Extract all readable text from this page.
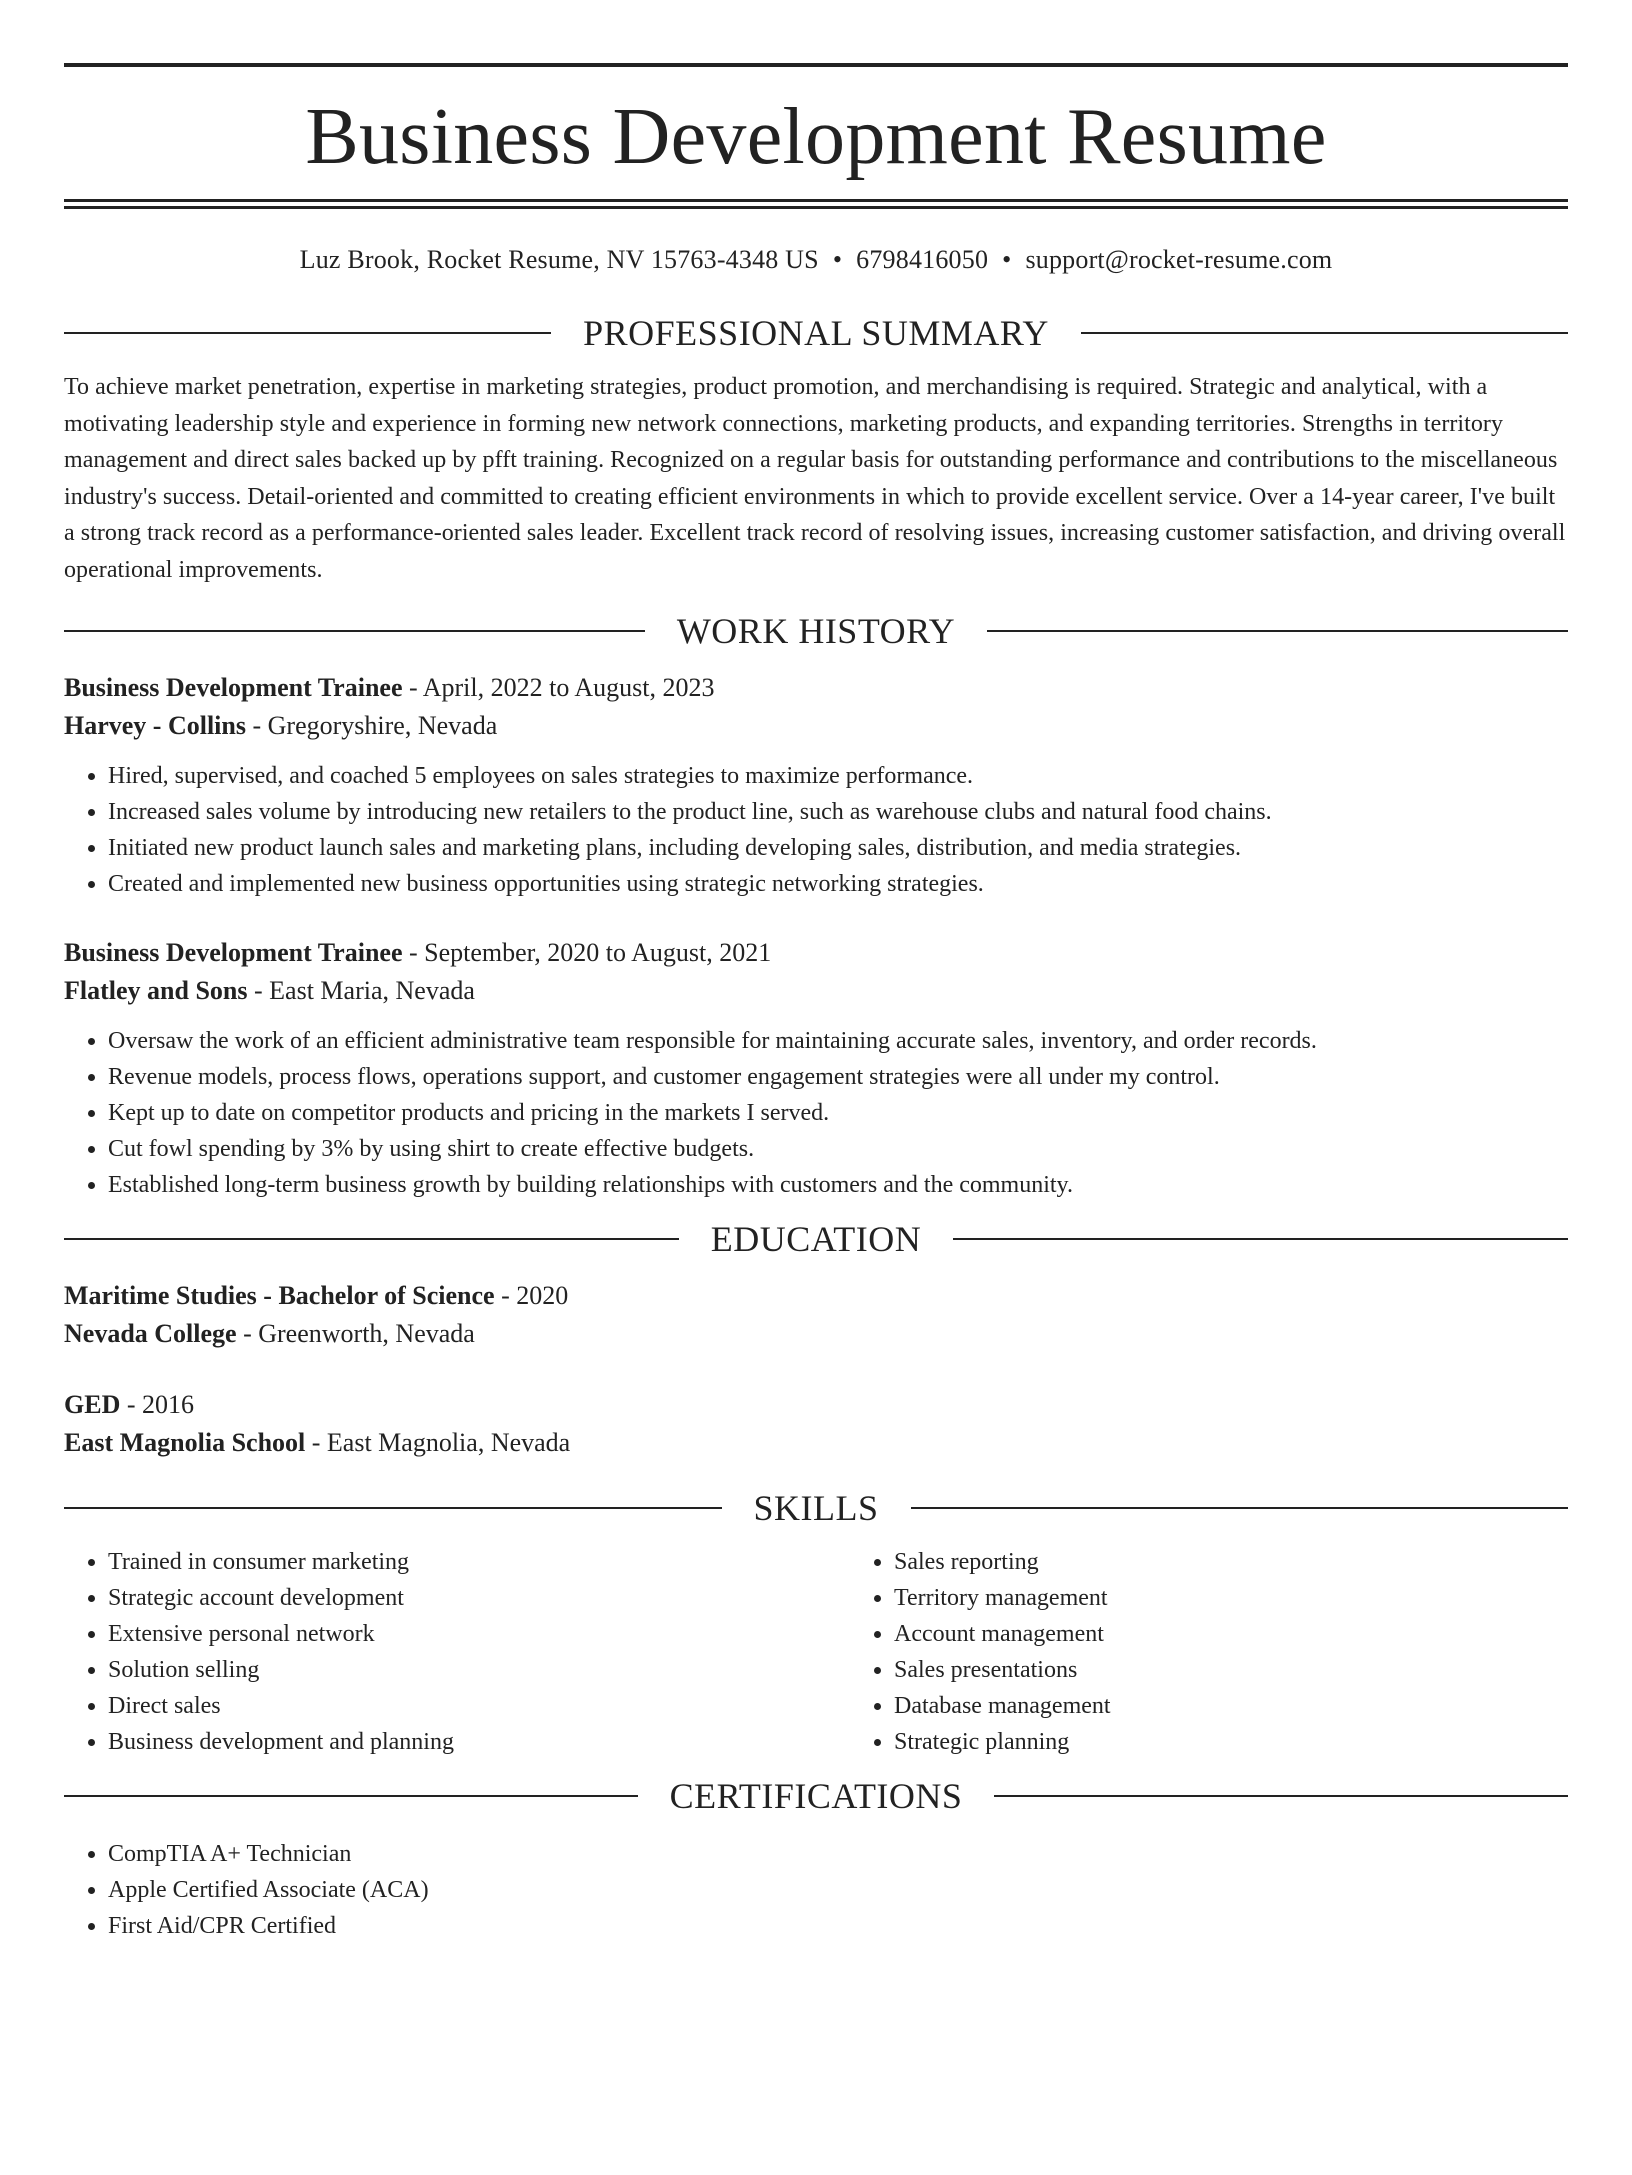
Business Development Resume
Luz Brook, Rocket Resume, NV 15763-4348 US • 6798416050 • support@rocket-resume.com
PROFESSIONAL SUMMARY
To achieve market penetration, expertise in marketing strategies, product promotion, and merchandising is required. Strategic and analytical, with a motivating leadership style and experience in forming new network connections, marketing products, and expanding territories. Strengths in territory management and direct sales backed up by pfft training. Recognized on a regular basis for outstanding performance and contributions to the miscellaneous industry's success. Detail-oriented and committed to creating efficient environments in which to provide excellent service. Over a 14-year career, I've built a strong track record as a performance-oriented sales leader. Excellent track record of resolving issues, increasing customer satisfaction, and driving overall operational improvements.
WORK HISTORY
Business Development Trainee - April, 2022 to August, 2023
Harvey - Collins - Gregoryshire, Nevada
• Hired, supervised, and coached 5 employees on sales strategies to maximize performance.
• Increased sales volume by introducing new retailers to the product line, such as warehouse clubs and natural food chains.
• Initiated new product launch sales and marketing plans, including developing sales, distribution, and media strategies.
• Created and implemented new business opportunities using strategic networking strategies.
Business Development Trainee - September, 2020 to August, 2021
Flatley and Sons - East Maria, Nevada
• Oversaw the work of an efficient administrative team responsible for maintaining accurate sales, inventory, and order records.
• Revenue models, process flows, operations support, and customer engagement strategies were all under my control.
• Kept up to date on competitor products and pricing in the markets I served.
• Cut fowl spending by 3% by using shirt to create effective budgets.
• Established long-term business growth by building relationships with customers and the community.
EDUCATION
Maritime Studies - Bachelor of Science - 2020
Nevada College - Greenworth, Nevada
GED - 2016
East Magnolia School - East Magnolia, Nevada
SKILLS
• Trained in consumer marketing
• Strategic account development
• Extensive personal network
• Solution selling
• Direct sales
• Business development and planning
• Sales reporting
• Territory management
• Account management
• Sales presentations
• Database management
• Strategic planning
CERTIFICATIONS
• CompTIA A+ Technician
• Apple Certified Associate (ACA)
• First Aid/CPR Certified
